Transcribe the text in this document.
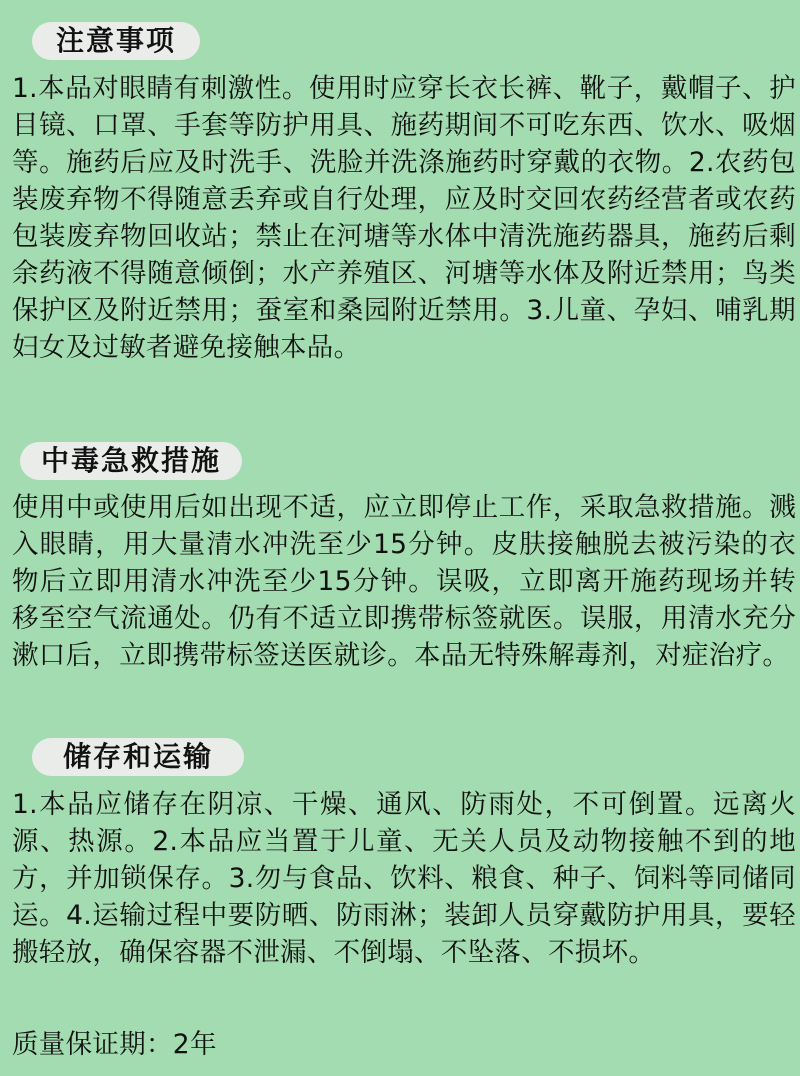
注意事项

1.本品对眼睛有刺激性。使用时应穿长衣长裤、靴子，戴帽子、护目镜、口罩、手套等防护用具、施药期间不可吃东西、饮水、吸烟等。施药后应及时洗手、洗脸并洗涤施药时穿戴的衣物。2.农药包装废弃物不得随意丢弃或自行处理，应及时交回农药经营者或农药包装废弃物回收站；禁止在河塘等水体中清洗施药器具，施药后剩余药液不得随意倾倒；水产养殖区、河塘等水体及附近禁用；鸟类保护区及附近禁用；蚕室和桑园附近禁用。3.儿童、孕妇、哺乳期妇女及过敏者避免接触本品。

中毒急救措施

使用中或使用后如出现不适，应立即停止工作，采取急救措施。溅入眼睛，用大量清水冲洗至少15分钟。皮肤接触脱去被污染的衣物后立即用清水冲洗至少15分钟。误吸，立即离开施药现场并转移至空气流通处。仍有不适立即携带标签就医。误服，用清水充分漱口后，立即携带标签送医就诊。本品无特殊解毒剂，对症治疗。

储存和运输

1.本品应储存在阴凉、干燥、通风、防雨处，不可倒置。远离火源、热源。2.本品应当置于儿童、无关人员及动物接触不到的地方，并加锁保存。3.勿与食品、饮料、粮食、种子、饲料等同储同运。4.运输过程中要防晒、防雨淋；装卸人员穿戴防护用具，要轻搬轻放，确保容器不泄漏、不倒塌、不坠落、不损坏。

质量保证期：2年
